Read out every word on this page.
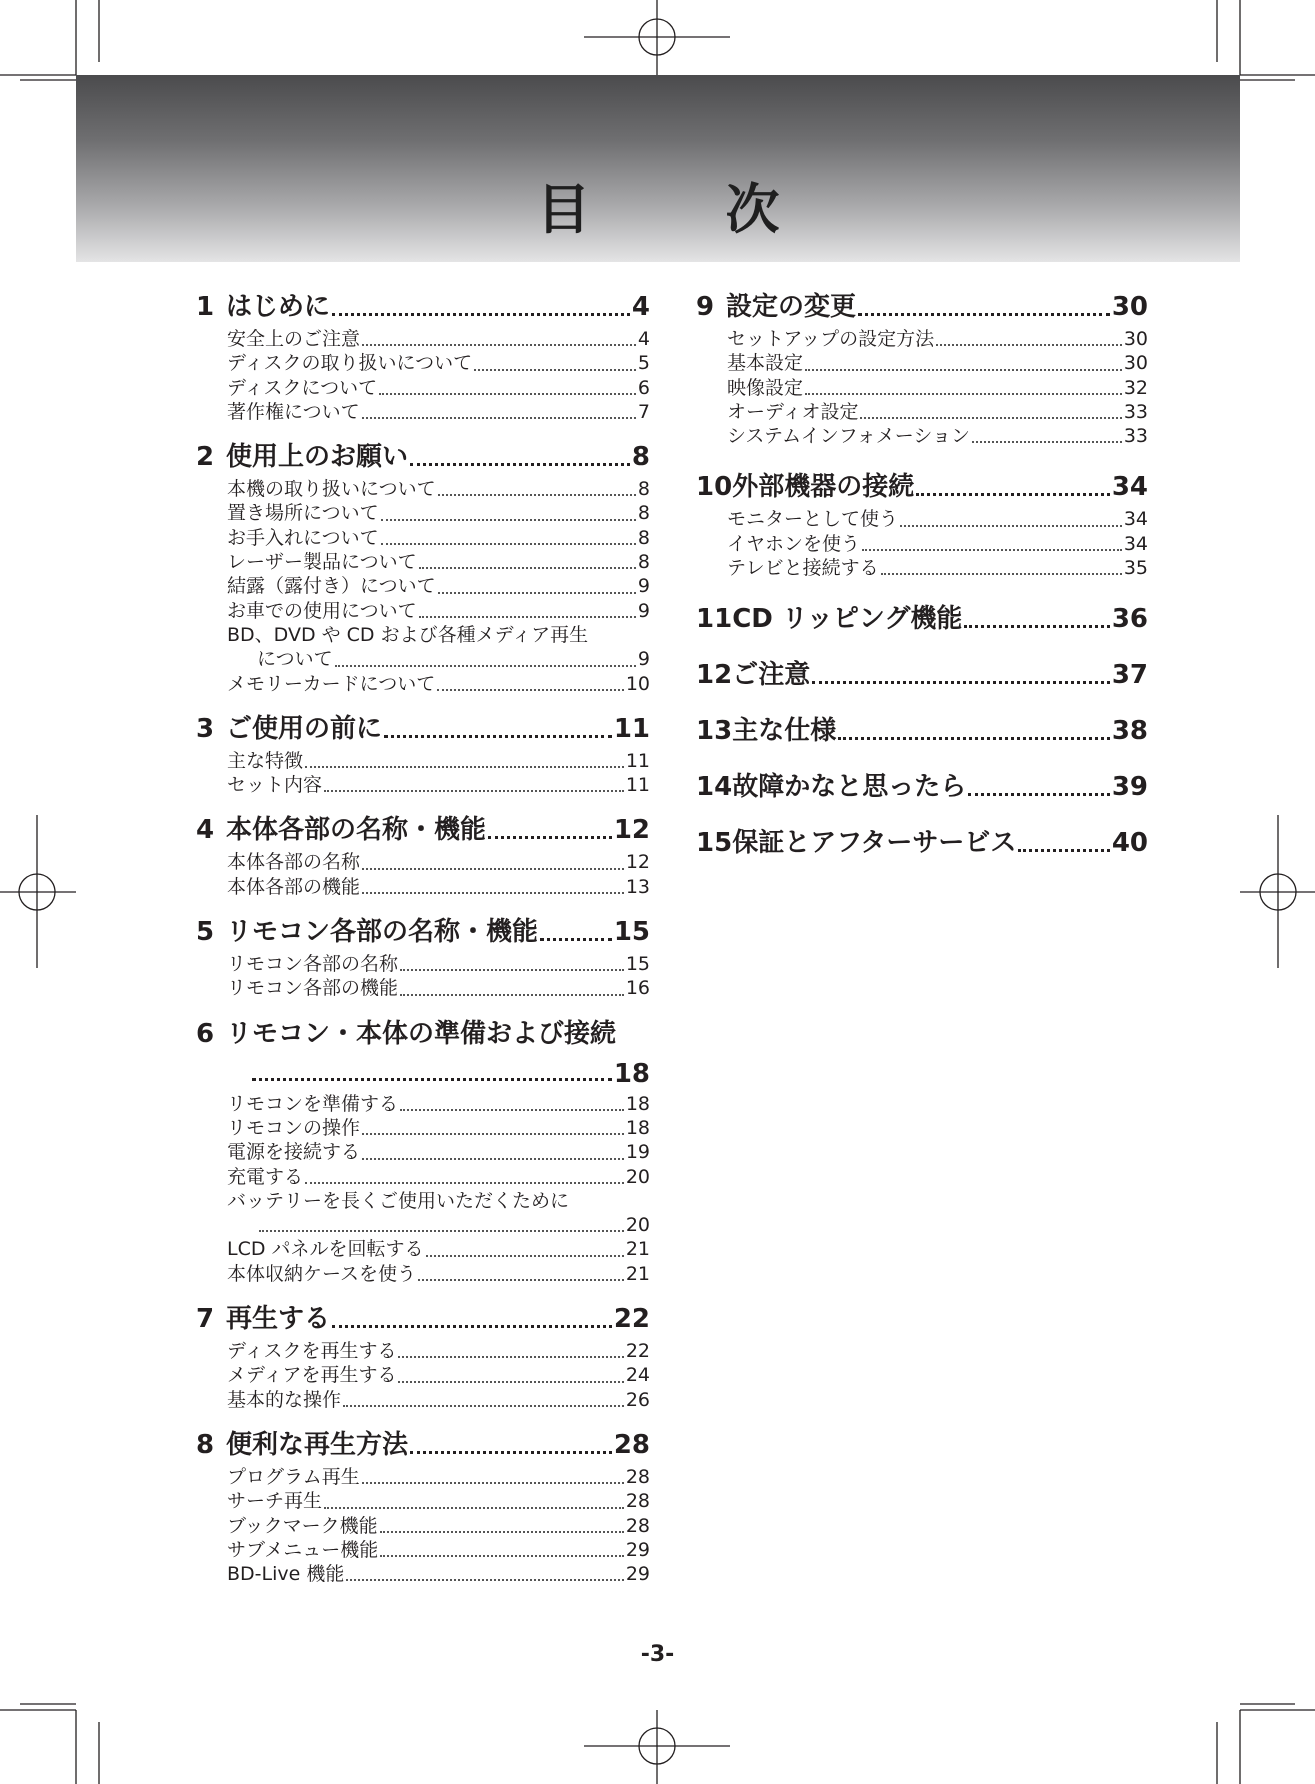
目　次
1 はじめに	4
安全上のご注意	4
ディスクの取り扱いについて	5
ディスクについて	6
著作権について	7
2 使用上のお願い	8
本機の取り扱いについて	8
置き場所について	8
お手入れについて	8
レーザー製品について	8
結露（露付き）について	9
お車での使用について	9
BD、DVD や CD および各種メディア再生
について	9
メモリーカードについて	10
3 ご使用の前に	11
主な特徴	11
セット内容	11
4 本体各部の名称・機能	12
本体各部の名称	12
本体各部の機能	13
5 リモコン各部の名称・機能	15
リモコン各部の名称	15
リモコン各部の機能	16
6 リモコン・本体の準備および接続
18
リモコンを準備する	18
リモコンの操作	18
電源を接続する	19
充電する	20
バッテリーを長くご使用いただくために
20
LCD パネルを回転する	21
本体収納ケースを使う	21
7 再生する	22
ディスクを再生する	22
メディアを再生する	24
基本的な操作	26
8 便利な再生方法	28
プログラム再生	28
サーチ再生	28
ブックマーク機能	28
サブメニュー機能	29
BD-Live 機能	29
9 設定の変更	30
セットアップの設定方法	30
基本設定	30
映像設定	32
オーディオ設定	33
システムインフォメーション	33
10 外部機器の接続	34
モニターとして使う	34
イヤホンを使う	34
テレビと接続する	35
11 CD リッピング機能	36
12 ご注意	37
13 主な仕様	38
14 故障かなと思ったら	39
15 保証とアフターサービス	40
-3-
